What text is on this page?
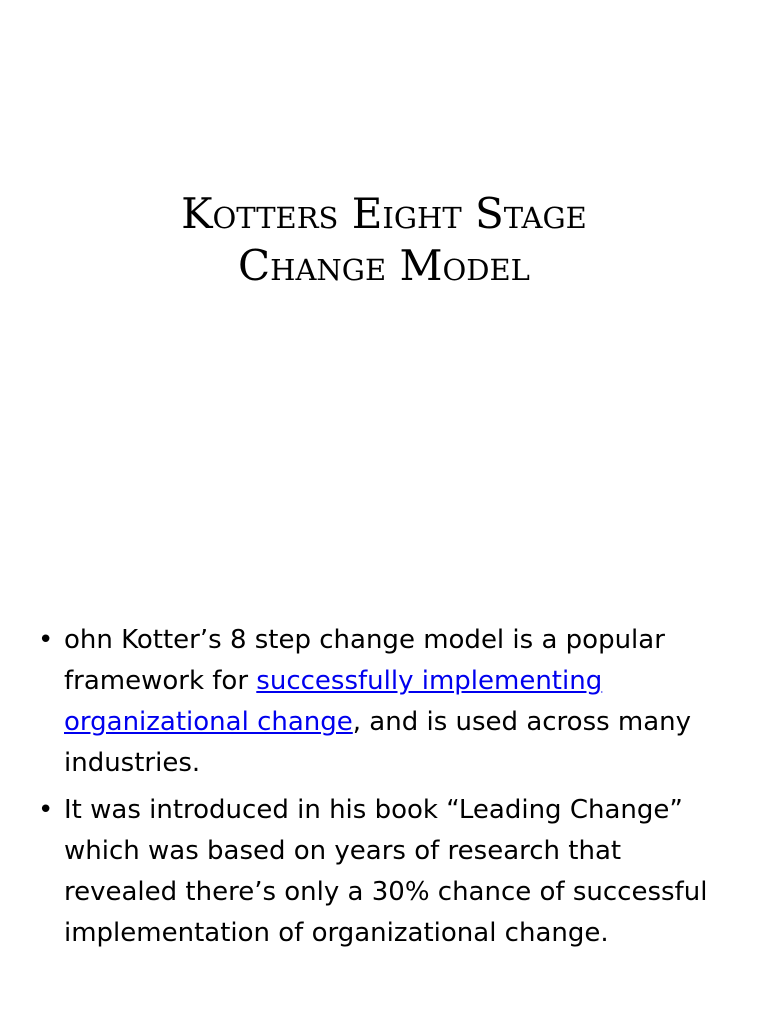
Kotters Eight Stage
Change Model
• ohn Kotter’s 8 step change model is a popular framework for successfully implementing organizational change, and is used across many industries.
• It was introduced in his book “Leading Change” which was based on years of research that revealed there’s only a 30% chance of successful implementation of organizational change.
